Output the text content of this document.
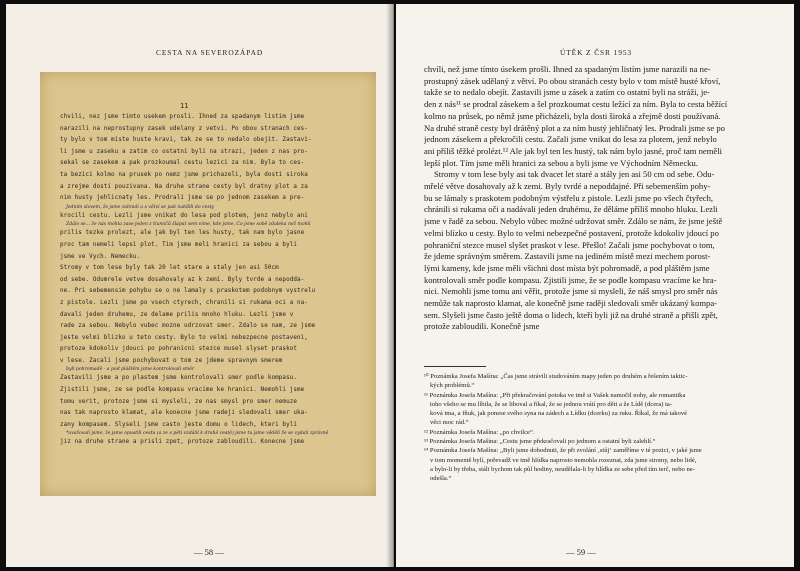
CESTA NA SEVEROZÁPAD
11
chvili, nez jsme timto usekem prosli. Ihned za spadanym listim jsme
narazili na neprostupny zasek udelany z vetvi. Po obou stranach ces-
ty bylo v tom miste huste kravi, tak ze se to nedalo obejit. Zastavi-
li jsme u zaseku a zatim co ostatni byli na strazi, jeden z nas pro-
sekal se zasekem a pak prozkoumal cestu lezici za nim. Byla to ces-
ta bezici kolmo na prusek po nemz jsme prichazeli, byla dosti siroka
a zrejme dosti pouzivana. Na druhe strane cesty byl dratny plot a za
nim husty jehlicnaty les. Prodrali jsme se po jednom zasekem a pre-
Jedním slovem, že jsme zahnuli a s větví se pak nabílili do cesty
krocili cestu. Lezli jsme vnikat do lesa pod plotem, jenz nebylo ani
Zdálo se... že nás mohla zase jeden z tlumičů šlapat sem víme, kde jsme. Co jsme sobě zdaleka než mohli
prilis tezke prolezt, ale jak byl ten les husty, tak nam bylo jasne
proc tam nemeli lepsi plot. Tim jsme meli hranici za sebou a byli
jsme ve Vych. Nemecku.
Stromy v tom lese byly tak 20 let stare a staly jen asi 50cm
od sebe. Odumrele vetve dosahovaly az k zemi. Byly tvrde a nepodda-
ne. Pri sebemensim pohybu se o ne lamaly s praskotem podobnym vystrelu
z pistole. Lezli jsme po vsech ctyrech, chranili si rukama oci a na-
davali jeden druhemu, ze delame prilis mnoho hluku. Lezli jsme v
rade za sebou. Nebylo vubec mozne udrzovat smer. Zdalo se nam, ze jsme
jeste velmi blizko u teto cesty. Bylo to velmi nebezpecne postaveni,
protoze kdokoliv jdouci po pohranicni stezce musel slyset praskot
v lese. Zacali jsme pochybovat o tom ze jdeme spravnym smerem
byli pohromadě - a pod pláštěm jsme kontrolovali směr
Zastavili jsme a po plastem jsme kontrolovali smer podle kompasu.
Zjistili jsme, ze se podle kompasu vracime ke hranici. Nemohli jsme
tomu verit, protoze jsme si mysleli, ze nas smysl pro smer nemuze
nas tak naprosto klamat, ale konecne jsme radeji sledovali smer uka-
zany kompasem. Slyseli jsme casto jeste domu o lidech, kteri byli
*uvažovali jsme, že jsme opustili cestu (a ze s pěti vzdálil k druhé cestě) jsme tu jsme věděli že se vydali zprávně
jiz na druhe strane a prisli zpet, protoze zabloudili. Konecne jsme
— 58 —
ÚTĚK Z ČSR 1953
chvíli, než jsme tímto úsekem prošli. Ihned za spadaným listím jsme narazili na ne-
prostupný zásek udělaný z větví. Po obou stranách cesty bylo v tom místě husté křoví,
takže se to nedalo obejít. Zastavili jsme u zásek a zatím co ostatní byli na stráži, je-
den z nás¹¹ se prodral zásekem a šel prozkoumat cestu ležící za ním. Byla to cesta běžící
kolmo na průsek, po němž jsme přicházeli, byla dosti široká a zřejmě dosti používaná.
Na druhé straně cesty byl drátěný plot a za ním hustý jehličnatý les. Prodrali jsme se po
jednom zásekem a překročili cestu. Začali jsme vnikat do lesa za plotem, jenž nebylo
ani příliš těžké prolézt.¹² Ale jak byl ten les hustý, tak nám bylo jasné, proč tam neměli
lepší plot. Tím jsme měli hranici za sebou a byli jsme ve Východním Německu.
Stromy v tom lese byly asi tak dvacet let staré a stály jen asi 50 cm od sebe. Odu-
mřelé větve dosahovaly až k zemi. Byly tvrdé a nepoddajné. Při sebemenším pohy-
bu se lámaly s praskotem podobným výstřelu z pistole. Lezli jsme po všech čtyřech,
chránili si rukama oči a nadávali jeden druhému, že děláme příliš mnoho hluku. Lezli
jsme v řadě za sebou. Nebylo vůbec možné udržovat směr. Zdálo se nám, že jsme ještě
velmi blízko u cesty. Bylo to velmi nebezpečné postavení, protože kdokoliv jdoucí po
pohraniční stezce musel slyšet praskot v lese. Přešlo! Začali jsme pochybovat o tom,
že jdeme správným směrem. Zastavili jsme na jediném místě mezi mechem porost-
lými kameny, kde jsme měli všichni dost místa být pohromadě, a pod pláštěm jsme
kontrolovali směr podle kompasu. Zjistili jsme, že se podle kompasu vracíme ke hra-
nici. Nemohli jsme tomu ani věřit, protože jsme si mysleli, že náš smysl pro směr nás
nemůže tak naprosto klamat, ale konečně jsme raději sledovali směr ukázaný kompa-
sem. Slyšeli jsme často ještě doma o lidech, kteří byli již na druhé straně a přišli zpět,
protože zabloudili. Konečně jsme
¹⁰ Poznámka Josefa Mašína: „Čas jsme strávili studováním mapy jeden po druhém a řešením taktic-
kých problémů.“
¹¹ Poznámka Josefa Mašína: „Při překračování potoka ve tmě si Vašek namočil nohy, ale romantika
toho všeho se mu líbila, že se liboval a říkal, že se jednou vrátí pro děti a že Lídě (dcera) ta-
ková tma, a fňuk, jak ponese svého syna na zádech a Lídku (dcerku) za ruku. Říkal, že má takové
věci moc rád.“
¹² Poznámka Josefa Mašína: „po chvilce“.
¹³ Poznámka Josefa Mašína: „Cestu jsme překračovali po jednom a ostatní byli zalehlí.“
¹⁴ Poznámka Josefa Mašína: „Byli jsme dohodnuti, že při zvolání ‚stůj‘ zaměříme v té pozici, v jaké jsme
v tom momentě bylí, pořevadž ve tmě hlídka naprosto nemohla rozeznat, zda jsme stromy, nebo lidé,
a bylo-li by třeba, stáli bychom tak půl hodiny, neudělala-li by hlídka ze sebe před tím terč, nebo ne-
odešla.“
— 59 —
